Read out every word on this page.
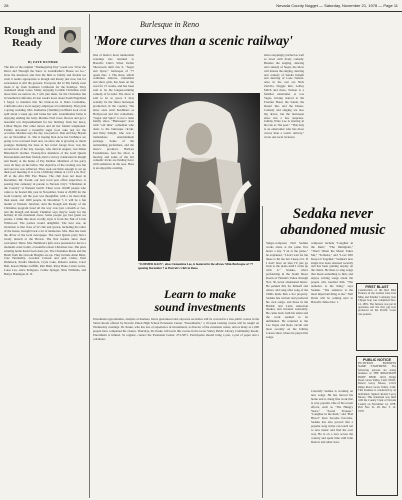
28	Nevada County Nugget — Saturday, November 21, 1978 — Page 11
Rough and
Ready
By FAYE DUNBAR
The title of the original "Thanksgiving Day" poem was "Over the River and Through the Snow to Grandfather's House we Go." Over the meadows and thru the hills to family and friends we went it seems appropriate to Rough and Ready just now, but for seriousness is still the greatest. Everyone did it! My family even made it up from Southern California for the holidays. They wandered about Grass Valley enjoying Cornish Christmas even more than we natives do. I will join them, for the Christmas fun in Southern California. In last week's news about Sarah Engelland I forgot to mention that his bride-to-be is Dana Colaninno, California and a local surgery employee at Community. They plan a spring wedding. Mrs. Katherine (Tommie) Lichfield took a bad spill about a week ago and broke her arm. Grandmother Dana is enjoying tending the baby. Martine Fred loves flowers and got a beautiful red chrysanthemum for her birthday from her niece, Lillian Hayes. Her other nieces and all her friends telephoned. Family decorated a beautiful angel food cake just for the occasion. Martine says the day was perfect. Don and Kay Bryant are on November 11. She is hoping Ron Acre her birthdays are going to be reversed from now on since she is growing so much younger. Running the base of her travel forage floor was the second note of her day. George, who died in August, was Diane Blanchard's brother. Twenty-five members of the Gold Quartz Descendants and their friends, held a victory celebration in Rough and Ready at the home of Pay Dunbar. Members of the party were all busy on the ballot. The objective of the evening was fun and success was achieved. They took out thick enough to set up their pool meeting. It is to be a birthday dinner at 11:15 a.m. Nov. 28 at the Alta Hill Fire House. The club does not meet in December. Mr. Swain, our new local post office supervisor, is passing that cemetery in parade to Nevada City's "Christmas in the Country" at Western Gulch. There were 10,000 people who came to be hosted this year in November. Sales at 20,000 for the Gold Country. All the year was thoughtful, with a lot more help than usual, and 1400 people. In December 7, it will be a fun month at Western Junction. And the Rough and Ready of the Christmas program fared all the way over just a month or two, and the Rough and Ready Chamber says they're ready for the holiday in the mountain areas. Some people got bad green tea parties. I think this most worthy style is from the Nik of Little Wildwood. The parties would delightful. The best one, an invitation to that class of 52 club and grown, including the tailor of the house, brought back a lot of memories. Mrs. Mae has been the driver of the local newspaper. The Gold Quartz party had a lovely brunch at the Brown. The first leaders since most welcomed. There. Mrs. Hamilton's gifts were presented to her in a moments order trailer, a beautiful ornate Christmas tree. The prize winning home hasn't been done yet. The Christmas Marie and the Heidi from the Lincoln Heights are up. They include Anne Betts, Clee Horshelby, Lorraine Coburn and Ann Cutter, Patti Dimmock, Prudia Shurlock, Cryia Lake, Roberta Adena, Carol Beil, Karen Henke Griffith, Rita Bahr, Patsy Bane, Linda Lewis, Loise Lea, Alice Pettigrew, Celine Spiegel, Nina Williams, and Bettye Hannigan, R. N.
Burlesque in Reno
'More curves than a scenic railway'
One of Reno's most memorable evenings has returned to Harrah's Club's Silver Dollar Showroom until Jan. 9, "Sugar and Spice," burlesque of '77 opens Dec. 1. The show, which combines dancers, comedians and show girls, has been on the road for 15 weeks, and has been said to be the longest-running comedy of its kind. The show is said to be so good, it may actually be the finest burlesque production in the country. The show stars such headliners as Hollywood and live comedians. "Sugar and Spice" is not a tame family show. "Burlesque" stars with "old time" comedian who dates to the burlesque circuit, and Patty Knight, who was a tremendous entertainment package. Some of the outstanding performers, and the show's producer, Barbara Foundations, feel the show is moving and some of the hot comedic tricks are finding favor with audiences in the area. Here is an enjoyable evening.
"SUMMER RAIN", alias Clementine Lee, is featured in the all new Mini-Burlesque of '77 opening December 7 at Harrah's Club in Reno.
show-stoppingly pitched as well as laced with lively comedy. Besides the singing, dancing and comedy of Sugar, the show will feature the singing, dancing and comedy of Sandra Knight and dancing of Lane Nelson. Also in the cast are Nick Zarlcho, Doggie Rex, LeRoy Mitch and more. Nelson is a familiar entertainer at Las Vegas, having starred at the Frontier Hotel, the Sands, the Desert Inn, and the Dunes. Comedy and singing are also big draws, but the burlesque show has a few surprises. Johnny Wino Lee is starring in his tale as "the poet." "This lady is an entertainer who has more curves than a scenic railway," wrote one local reviewer.
Learn to make
sound investments
Investment opportunities, analysis of markets, fixed, guaranteed and corporate securities will be covered in a free public course in the Sierra Room offered by Nevada Union High School Extension Center. "Investments," a 10-week evening course will be taught on Wednesday evenings. Dr. Peake, who has lots of experience in investments, is director of the extension center, and as many as 1,000 people have completed his classes. Thursday, Dr. Peake will teach this course in the Grass Valley Public Library Community Room. Enrollment is limited. To register, contact the Extension Center, 273-5871. Participants should bring a pen, a pad of paper and a calculator.
Sedaka never
abandoned music
Singer-composer Neil Sedaka works alone at the piano five hours a day. "I sit at the piano," he explained, "I don't wait for the muse to hit me but I keep at it. If I don't have an idea I'll just go back to the piano until I come up with it." Sedaka, who's performing in the South Shore Room of Harrah's Tahoe through Nov. 30, never abandoned music. He penned hits for himself and others, and song after song of the 1960s made him a hot property. Sedaka has written and produced his own songs, and those in the British and Latin American market, and traveled constantly. He came back with his talent and the work seemed to be unfinished. He returned to the Las Vegas and Reno circuit and most recently on the Johnny Carson show where he played his songs.
composer include "Laughter in the Rain," "The Immigrant," "That's When the Music Takes Me," "Solitaire," and "Love Will Keep Us Together." Sedaka's new single has been released recently and has been gaining airplay on the charts. He likes to sing songs that mean something to him, and enjoys writing songs about the people who touched him. "The audience is the thing," says Sedaka. "The audience is the most important thing to me." Neil Davis will be coming next to Harrah's Tahoe Dec. 1.
Currently Sedaka is working on new songs. He has moved his home and is doing fine work that is very popular. One of his recent efforts, such as "The Hungry Years," "Sweet Sixteen," "Laughter in the Rain," and "Bad Blood" have become favorites. Sedaka has also proved that a popular song writer can reach out to new music and find his own way. He is on a tour across the country and spent time with John Denver and other stars.
FIRST BLAST
Construction of the Red Bird Furnace in the Golden Gate Iron Mine and Smelter Company near Clipper Gap was completed Nov. 14, 1881. The furnace was put in operation and the first pig iron produced on the Pacific Coast was poured.
PUBLIC NOTICE
FICTITIOUS BUSINESS NAME STATEMENT. The following persons are doing business as THE RIDGEIKON BODY SHOP, 12101 Ridge Road, Grass Valley, Calif. 95945. Robert Leroy Moore, 12101 Ridge Road, Grass Valley, Calif. This business is conducted by an individual. Signed: Robert Leroy Moore. This statement was filed with the County Clerk of Nevada County on November 14, 1978. Pub: Nov. 21, 28, Dec. 5, 12, 1978.
